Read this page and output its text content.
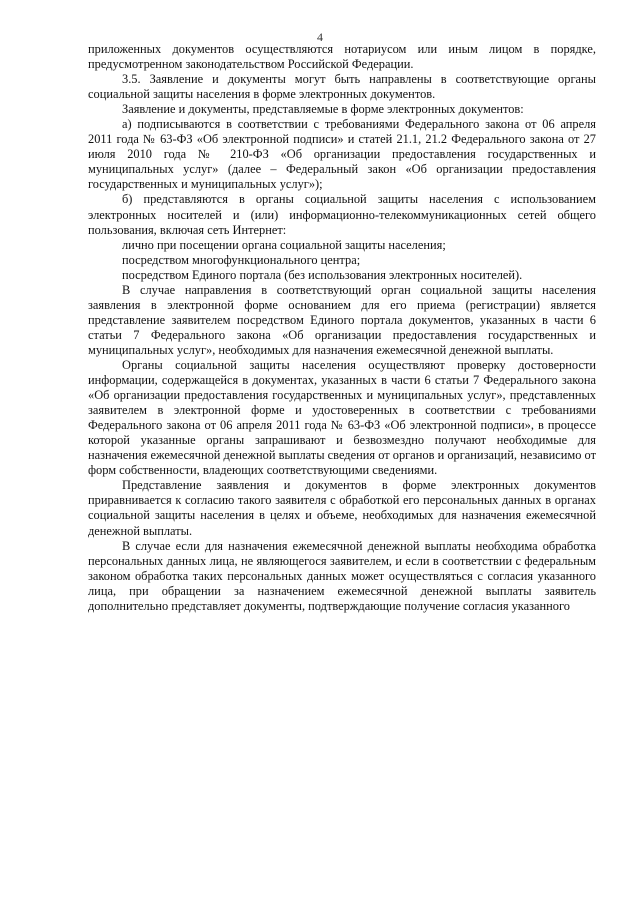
4

приложенных документов осуществляются нотариусом или иным лицом в порядке, предусмотренном законодательством Российской Федерации.

3.5. Заявление и документы могут быть направлены в соответствующие органы социальной защиты населения в форме электронных документов.

Заявление и документы, представляемые в форме электронных документов:

а) подписываются в соответствии с требованиями Федерального закона от 06 апреля 2011 года № 63-ФЗ «Об электронной подписи» и статей 21.1, 21.2 Федерального закона от 27 июля 2010 года № 210-ФЗ «Об организации предоставления государственных и муниципальных услуг» (далее – Федеральный закон «Об организации предоставления государственных и муниципальных услуг»);

б) представляются в органы социальной защиты населения с использованием электронных носителей и (или) информационно-телекоммуникационных сетей общего пользования, включая сеть Интернет:

лично при посещении органа социальной защиты населения;

посредством многофункционального центра;

посредством Единого портала (без использования электронных носителей).

В случае направления в соответствующий орган социальной защиты населения заявления в электронной форме основанием для его приема (регистрации) является представление заявителем посредством Единого портала документов, указанных в части 6 статьи 7 Федерального закона «Об организации предоставления государственных и муниципальных услуг», необходимых для назначения ежемесячной денежной выплаты.

Органы социальной защиты населения осуществляют проверку достоверности информации, содержащейся в документах, указанных в части 6 статьи 7 Федерального закона «Об организации предоставления государственных и муниципальных услуг», представленных заявителем в электронной форме и удостоверенных в соответствии с требованиями Федерального закона от 06 апреля 2011 года № 63-ФЗ «Об электронной подписи», в процессе которой указанные органы запрашивают и безвозмездно получают необходимые для назначения ежемесячной денежной выплаты сведения от органов и организаций, независимо от форм собственности, владеющих соответствующими сведениями.

Представление заявления и документов в форме электронных документов приравнивается к согласию такого заявителя с обработкой его персональных данных в органах социальной защиты населения в целях и объеме, необходимых для назначения ежемесячной денежной выплаты.

В случае если для назначения ежемесячной денежной выплаты необходима обработка персональных данных лица, не являющегося заявителем, и если в соответствии с федеральным законом обработка таких персональных данных может осуществляться с согласия указанного лица, при обращении за назначением ежемесячной денежной выплаты заявитель дополнительно представляет документы, подтверждающие получение согласия указанного
